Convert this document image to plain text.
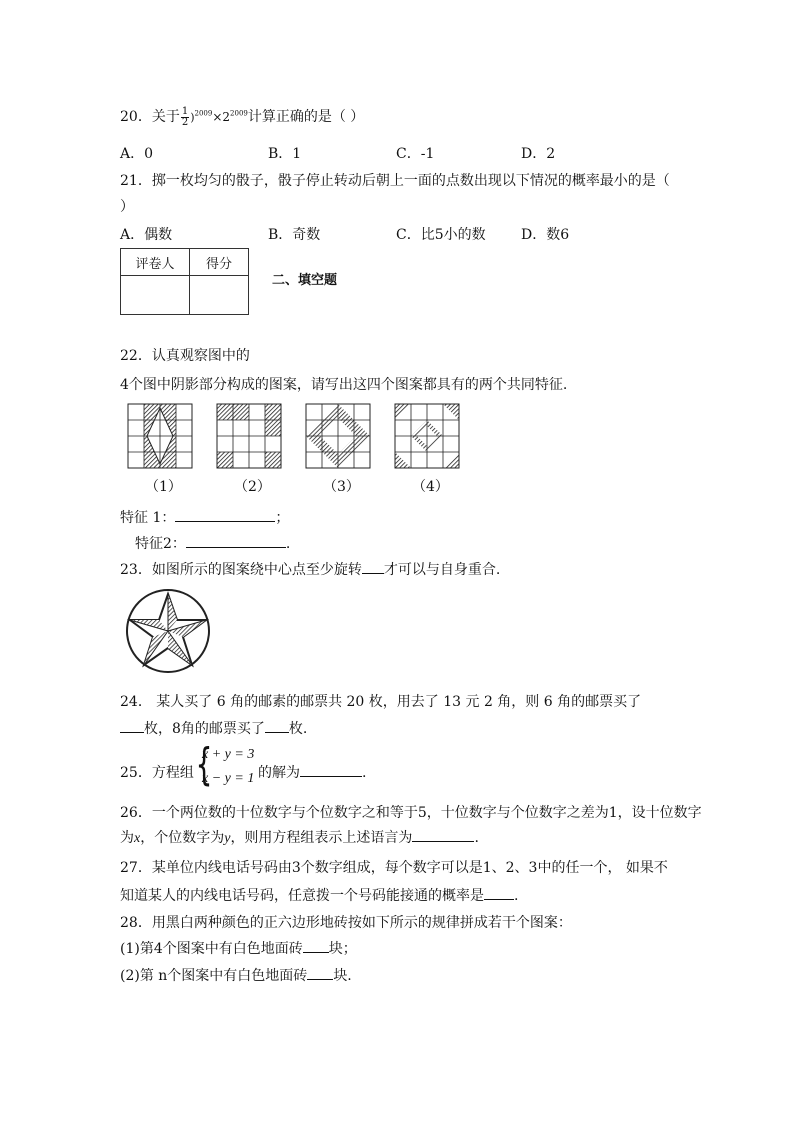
20．关于 $\frac{1}{2} )^{2009}\times 2^{2009}$计算正确的是（ ）
A．0	B．1	C．-1	D．2
21．掷一枚均匀的骰子，骰子停止转动后朝上一面的点数出现以下情况的概率最小的是（
）
A．偶数	B．奇数	C．比5小的数	D．数6
评卷人	得分

二、填空题
22．认真观察图中的
4个图中阴影部分构成的图案，请写出这四个图案都具有的两个共同特征.
（1）	（2）	（3）	（4）
特征 1：	；
特征2：	.
23．如图所示的图案绕中心点至少旋转 才可以与自身重合.
24． 某人买了 6 角的邮素的邮票共 20 枚，用去了 13 元 2 角，则 6 角的邮票买了
枚，8角的邮票买了 枚.
25．方程组 {
x + y = 3
x − y = 1 的解为	.
26．一个两位数的十位数字与个位数字之和等于5，十位数字与个位数字之差为1，设十位数字
为x，个位数字为y，则用方程组表示上述语言为	.
27．某单位内线电话号码由3个数字组成，每个数字可以是1、2、3中的任一个， 如果不
知道某人的内线电话号码，任意拨一个号码能接通的概率是 .
28．用黑白两种颜色的正六边形地砖按如下所示的规律拼成若干个图案：
(1)第4个图案中有白色地面砖 块；
(2)第 n个图案中有白色地面砖 块.
